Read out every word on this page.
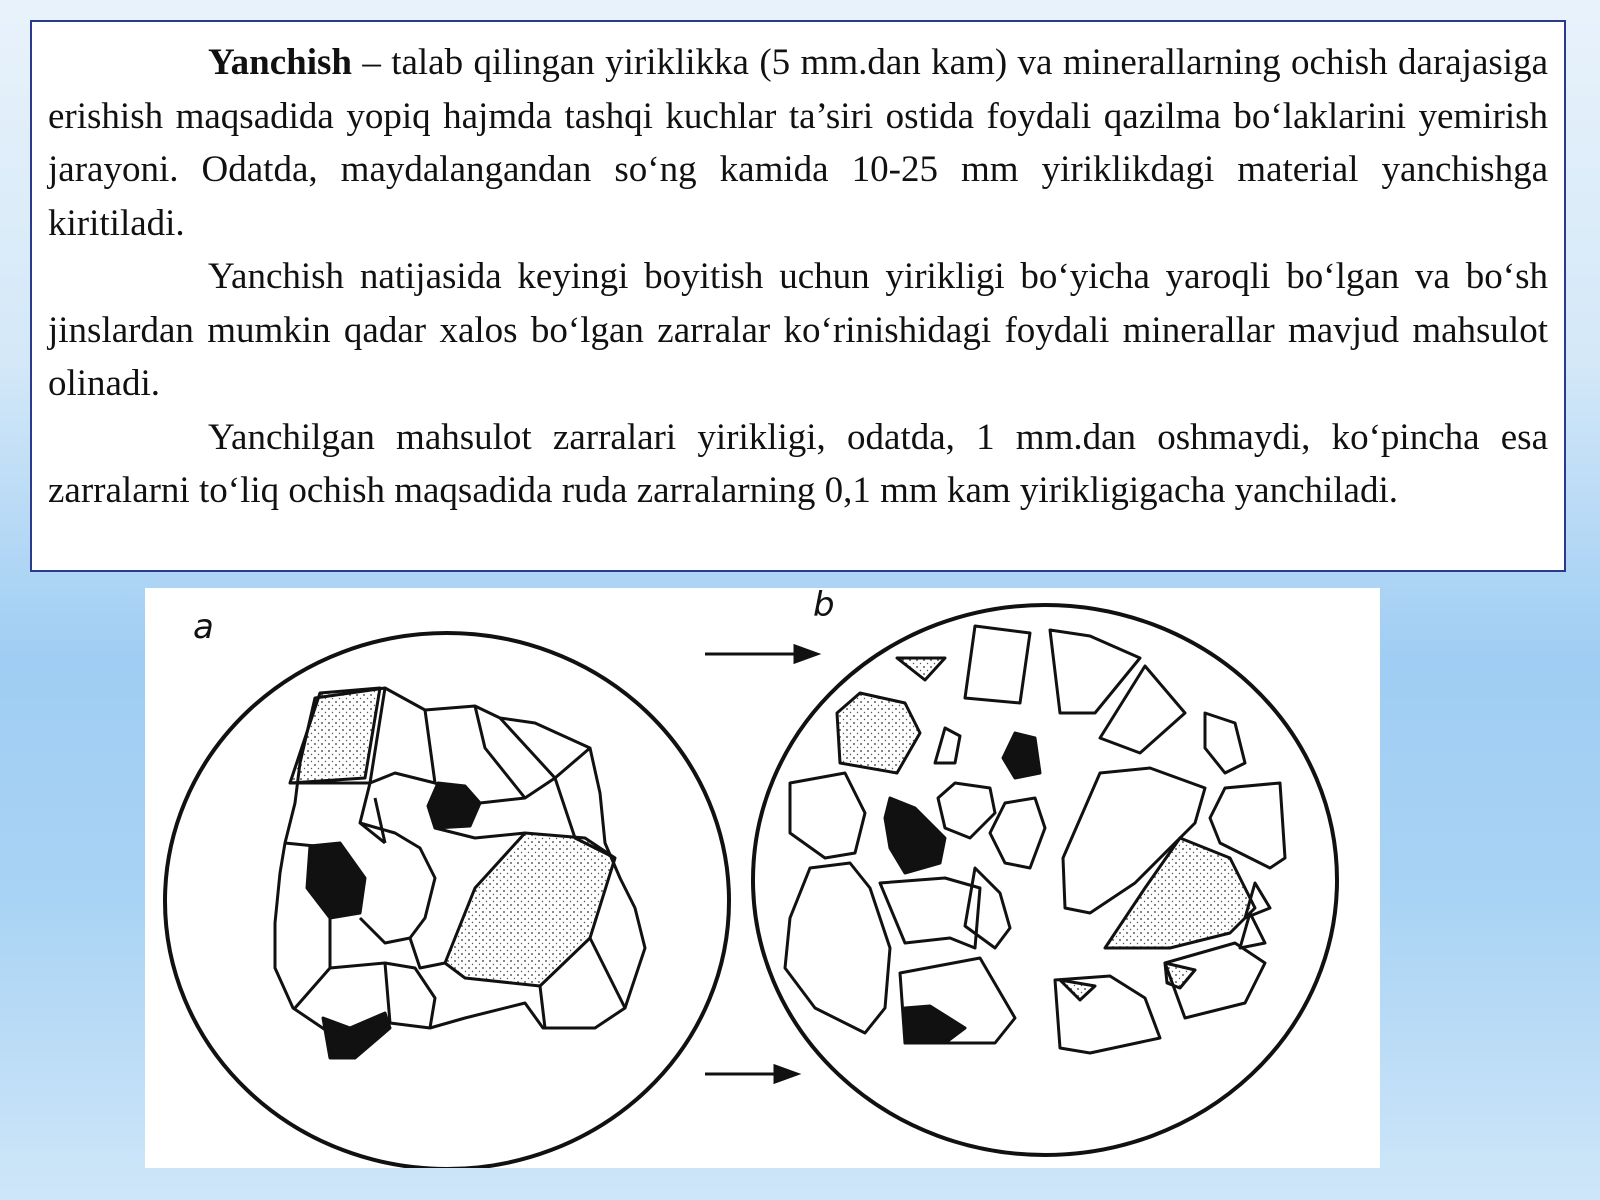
Yanchish – talab qilingan yiriklikka (5 mm.dan kam) va minerallarning ochish darajasiga erishish maqsadida yopiq hajmda tashqi kuchlar ta’siri ostida foydali qazilma bo‘laklarini yemirish jarayoni. Odatda, maydalangandan so‘ng kamida 10-25 mm yiriklikdagi material yanchishga kiritiladi.

Yanchish natijasida keyingi boyitish uchun yirikligi bo‘yicha yaroqli bo‘lgan va bo‘sh jinslardan mumkin qadar xalos bo‘lgan zarralar ko‘rinishidagi foydali minerallar mavjud mahsulot olinadi.

Yanchilgan mahsulot zarralari yirikligi, odatda, 1 mm.dan oshmaydi, ko‘pincha esa zarralarni to‘liq ochish maqsadida ruda zarralarning 0,1 mm kam yirikligigacha yanchiladi.

a
b
